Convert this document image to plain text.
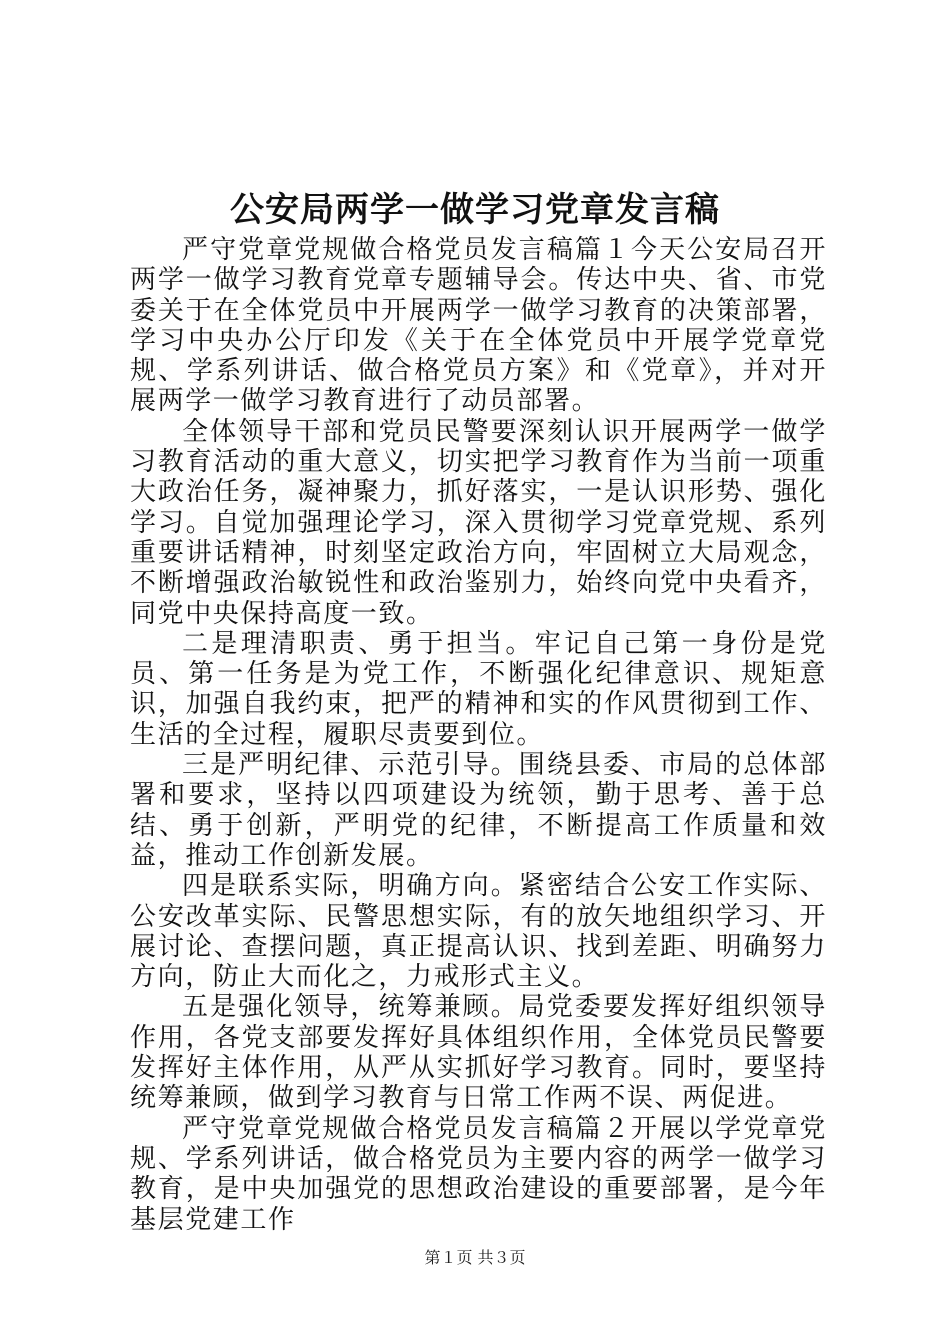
公安局两学一做学习党章发言稿

严守党章党规做合格党员发言稿篇１今天公安局召开两学一做学习教育党章专题辅导会。传达中央、省、市党委关于在全体党员中开展两学一做学习教育的决策部署，学习中央办公厅印发《关于在全体党员中开展学党章党规、学系列讲话、做合格党员方案》和《党章》，并对开展两学一做学习教育进行了动员部署。

全体领导干部和党员民警要深刻认识开展两学一做学习教育活动的重大意义，切实把学习教育作为当前一项重大政治任务，凝神聚力，抓好落实，一是认识形势、强化学习。自觉加强理论学习，深入贯彻学习党章党规、系列重要讲话精神，时刻坚定政治方向，牢固树立大局观念，不断增强政治敏锐性和政治鉴别力，始终向党中央看齐，同党中央保持高度一致。

二是理清职责、勇于担当。牢记自己第一身份是党员、第一任务是为党工作，不断强化纪律意识、规矩意识，加强自我约束，把严的精神和实的作风贯彻到工作、生活的全过程，履职尽责要到位。

三是严明纪律、示范引导。围绕县委、市局的总体部署和要求，坚持以四项建设为统领，勤于思考、善于总结、勇于创新，严明党的纪律，不断提高工作质量和效益，推动工作创新发展。

四是联系实际，明确方向。紧密结合公安工作实际、公安改革实际、民警思想实际，有的放矢地组织学习、开展讨论、查摆问题，真正提高认识、找到差距、明确努力方向，防止大而化之，力戒形式主义。

五是强化领导，统筹兼顾。局党委要发挥好组织领导作用，各党支部要发挥好具体组织作用，全体党员民警要发挥好主体作用，从严从实抓好学习教育。同时，要坚持统筹兼顾，做到学习教育与日常工作两不误、两促进。

严守党章党规做合格党员发言稿篇２开展以学党章党规、学系列讲话，做合格党员为主要内容的两学一做学习教育，是中央加强党的思想政治建设的重要部署，是今年基层党建工作

第１页 共３页
